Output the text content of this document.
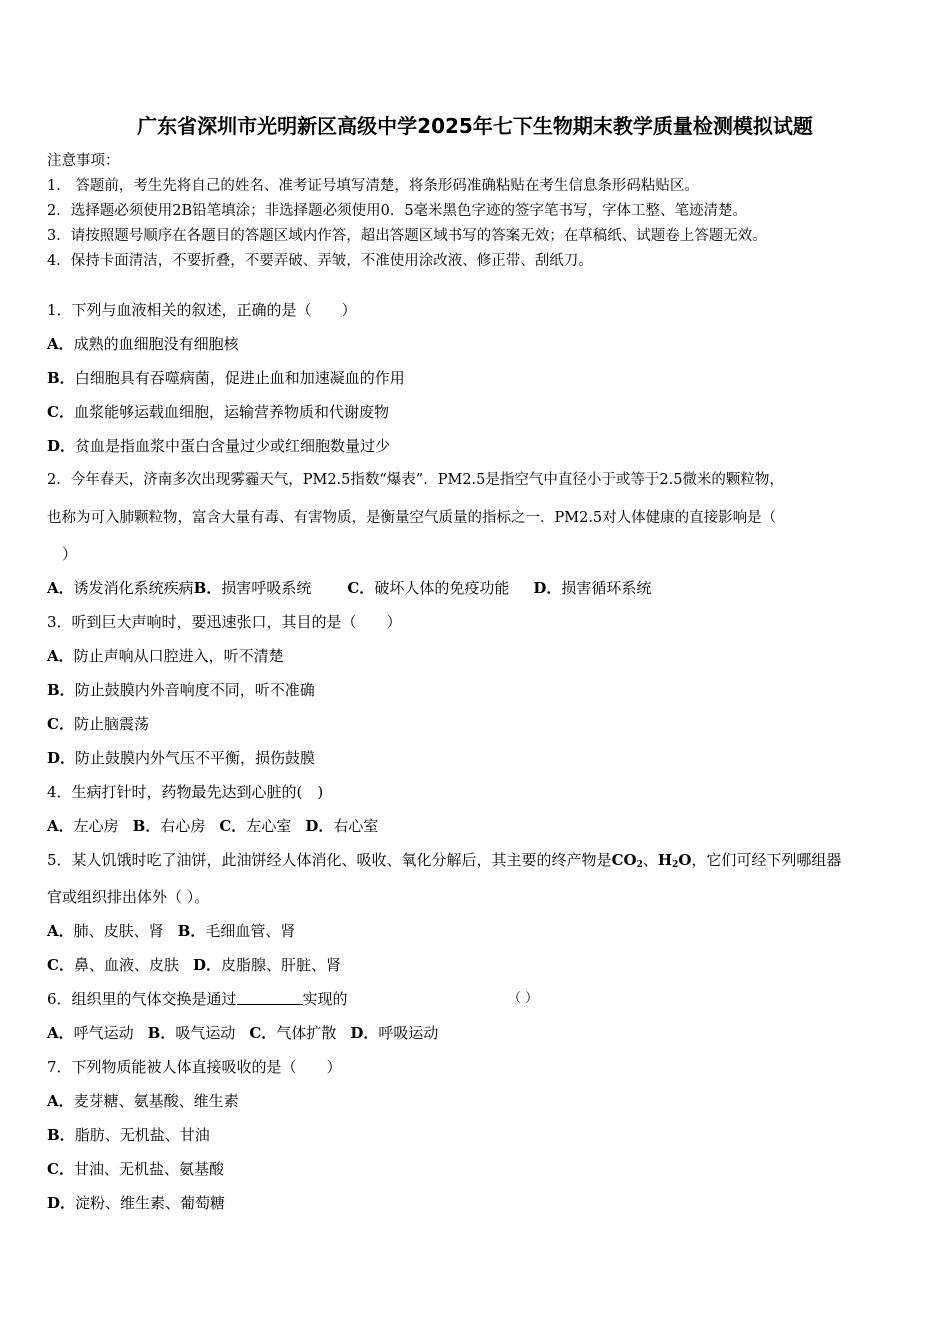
广东省深圳市光明新区高级中学2025年七下生物期末教学质量检测模拟试题
注意事项：
1． 答题前，考生先将自己的姓名、准考证号填写清楚，将条形码准确粘贴在考生信息条形码粘贴区。
2．选择题必须使用2B铅笔填涂；非选择题必须使用0．5毫米黑色字迹的签字笔书写，字体工整、笔迹清楚。
3．请按照题号顺序在各题目的答题区域内作答，超出答题区域书写的答案无效；在草稿纸、试题卷上答题无效。
4．保持卡面清洁，不要折叠，不要弄破、弄皱，不准使用涂改液、修正带、刮纸刀。
1．下列与血液相关的叙述，正确的是（　　）
A．成熟的血细胞没有细胞核
B．白细胞具有吞噬病菌，促进止血和加速凝血的作用
C．血浆能够运载血细胞，运输营养物质和代谢废物
D．贫血是指血浆中蛋白含量过少或红细胞数量过少
2．今年春天，济南多次出现雾霾天气，PM2.5指数“爆表”．PM2.5是指空气中直径小于或等于2.5微米的颗粒物，
也称为可入肺颗粒物，富含大量有毒、有害物质，是衡量空气质量的指标之一．PM2.5对人体健康的直接影响是（
）
A．诱发消化系统疾病B．损害呼吸系统 C．破坏人体的免疫功能 D．损害循环系统
3．听到巨大声响时，要迅速张口，其目的是（　　）
A．防止声响从口腔进入，听不清楚
B．防止鼓膜内外音响度不同，听不准确
C．防止脑震荡
D．防止鼓膜内外气压不平衡，损伤鼓膜
4．生病打针时，药物最先达到心脏的(　)
A．左心房 B．右心房 C．左心室 D．右心室
5．某人饥饿时吃了油饼，此油饼经人体消化、吸收、氧化分解后，其主要的终产物是$CO_2$、$H_2O$，它们可经下列哪组器
官或组织排出体外（ ）。
A．肺、皮肤、肾 B．毛细血管、肾
C．鼻、血液、皮肤 D．皮脂腺、肝脏、肾
6．组织里的气体交换是通过	实现的	（ ）
A．呼气运动 B．吸气运动 C．气体扩散 D．呼吸运动
7．下列物质能被人体直接吸收的是（　　）
A．麦芽糖、氨基酸、维生素
B．脂肪、无机盐、甘油
C．甘油、无机盐、氨基酸
D．淀粉、维生素、葡萄糖
